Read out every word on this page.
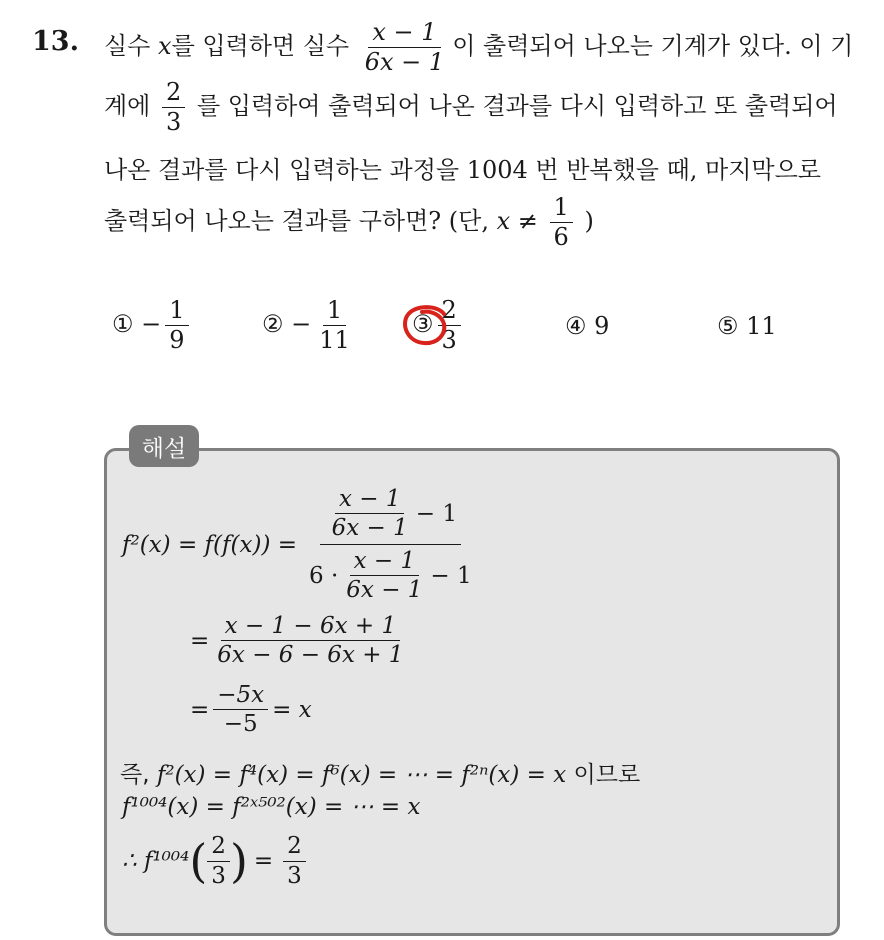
13. 실수 x를 입력하면 실수 $\frac{x - 1}{6x - 1}$ 이 출력되어 나오는 기계가 있다. 이 기
계에 $\frac{2}{3}$ 를 입력하여 출력되어 나온 결과를 다시 입력하고 또 출력되어
나온 결과를 다시 입력하는 과정을 1004 번 반복했을 때, 마지막으로
출력되어 나오는 결과를 구하면? (단, $x \ne \frac{1}{6}$ )
① − $\frac{1}{9}$	② − $\frac{1}{11}$ ③ $\frac{2}{3}$	④ 9	⑤ 11
해설
$f^2(x) = f(f(x)) = \frac{\frac{x - 1}{6x - 1} - 1}{6 \cdot \frac{x - 1}{6x - 1} - 1}$
= $\frac{x - 1 - 6x + 1}{6x - 6 - 6x + 1}$
= $\frac{-5x}{-5} = x$
즉, f²(x) = f⁴(x) = f⁶(x) = ⋯ = f²ⁿ(x) = x 이므로
f¹⁰⁰⁴(x) = f²ˣ⁵⁰²(x) = ⋯ = x
∴ f¹⁰⁰⁴ ( $\frac{2}{3}$ ) = $\frac{2}{3}$
